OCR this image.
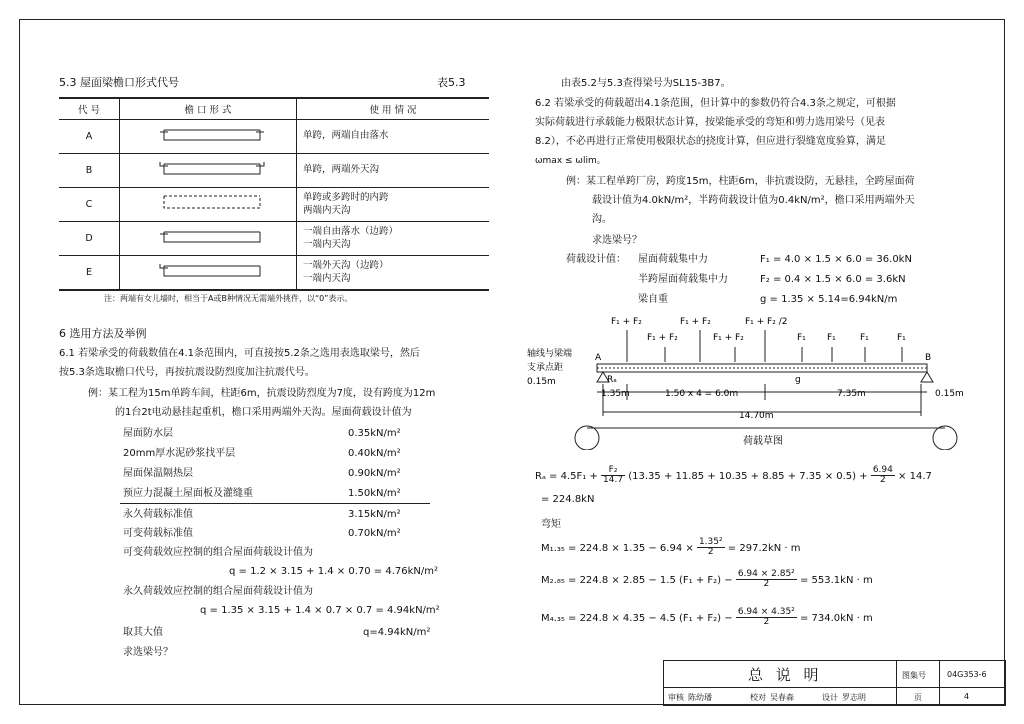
5.3 屋面梁檐口形式代号	表5.3
代 号	檐 口 形 式	使 用 情 况
A		单跨，两端自由落水
B		单跨，两端外天沟
C		单跨或多跨时的内跨
两端内天沟
D		一端自由落水（边跨）
一端内天沟
E		一端外天沟（边跨）
一端内天沟
注：两端有女儿墙时，相当于A或B种情况无需端外挑件，以“0”表示。
6 选用方法及举例
6.1 若梁承受的荷载数值在4.1条范围内，可直接按5.2条之选用表选取梁号，然后
按5.3条选取檐口代号，再按抗震设防烈度加注抗震代号。
例：某工程为15m单跨车间，柱距6m，抗震设防烈度为7度，设有跨度为12m
的1台2t电动悬挂起重机，檐口采用两端外天沟。屋面荷载设计值为
屋面防水层	0.35kN/m²
20mm厚水泥砂浆找平层	0.40kN/m²
屋面保温隔热层	0.90kN/m²
预应力混凝土屋面板及灌缝重	1.50kN/m²
永久荷载标准值	3.15kN/m²
可变荷载标准值	0.70kN/m²
可变荷载效应控制的组合屋面荷载设计值为
q = 1.2 × 3.15 + 1.4 × 0.70 = 4.76kN/m²
永久荷载效应控制的组合屋面荷载设计值为
q = 1.35 × 3.15 + 1.4 × 0.7 × 0.7 = 4.94kN/m²
取其大值	q=4.94kN/m²
求选梁号？
由表5.2与5.3查得梁号为SL15-3B7。
6.2 若梁承受的荷载超出4.1条范围，但计算中的参数仍符合4.3条之规定，可根据
实际荷载进行承载能力极限状态计算，按梁能承受的弯矩和剪力选用梁号（见表
8.2），不必再进行正常使用极限状态的挠度计算，但应进行裂缝宽度验算，满足
ωmax ≤ ωlim。
例：某工程单跨厂房，跨度15m，柱距6m，非抗震设防，无悬挂，全跨屋面荷
载设计值为4.0kN/m²，半跨荷载设计值为0.4kN/m²，檐口采用两端外天
沟。
求选梁号？
荷载设计值： 屋面荷载集中力	F₁ = 4.0 × 1.5 × 6.0 = 36.0kN
半跨屋面荷载集中力	F₂ = 0.4 × 1.5 × 6.0 = 3.6kN
梁自重	g = 1.35 × 5.14=6.94kN/m
F₁ + F₂	F₁ + F₂	F₁ + F₂ /2
F₁ + F₂	F₁ + F₂	F₁ F₁	F₁	F₁
A	B
Rₐ	g
轴线与梁端
支承点距
0.15m
0.15m
1.35m	1.50 x 4 = 6.0m	7.35m
14.70m
荷载草图
$R_a = 4.5F_1 + \frac{\text{F₂}}{14.7} (13.35 + 11.85 + 10.35 + 8.85 + 7.35 \times 0.5) + \frac{6.94}{2} \times 14.7$
= 224.8kN
弯矩
$M_1._{35} = 224.8 \times 1.35 - 6.94 \times \frac{\text{1.35²}}{2} = 297.2kN \cdot m$
M₂.₈₅ = 224.8 × 2.85 − 1.5 $(F_1 + F_2) - \frac{\text{6.94 × 2.85²}}{2} = 553.1kN \cdot m$
M₄.₃₅ = 224.8 × 4.35 − 4.5 $(F_1 + F_2) - \frac{\text{6.94 × 4.35²}}{2} = 734.0kN \cdot m$
总 说 明	图集号	04G353-6
审核 陈幼璠	校对 吴春森	设计 罗志明	页	4
